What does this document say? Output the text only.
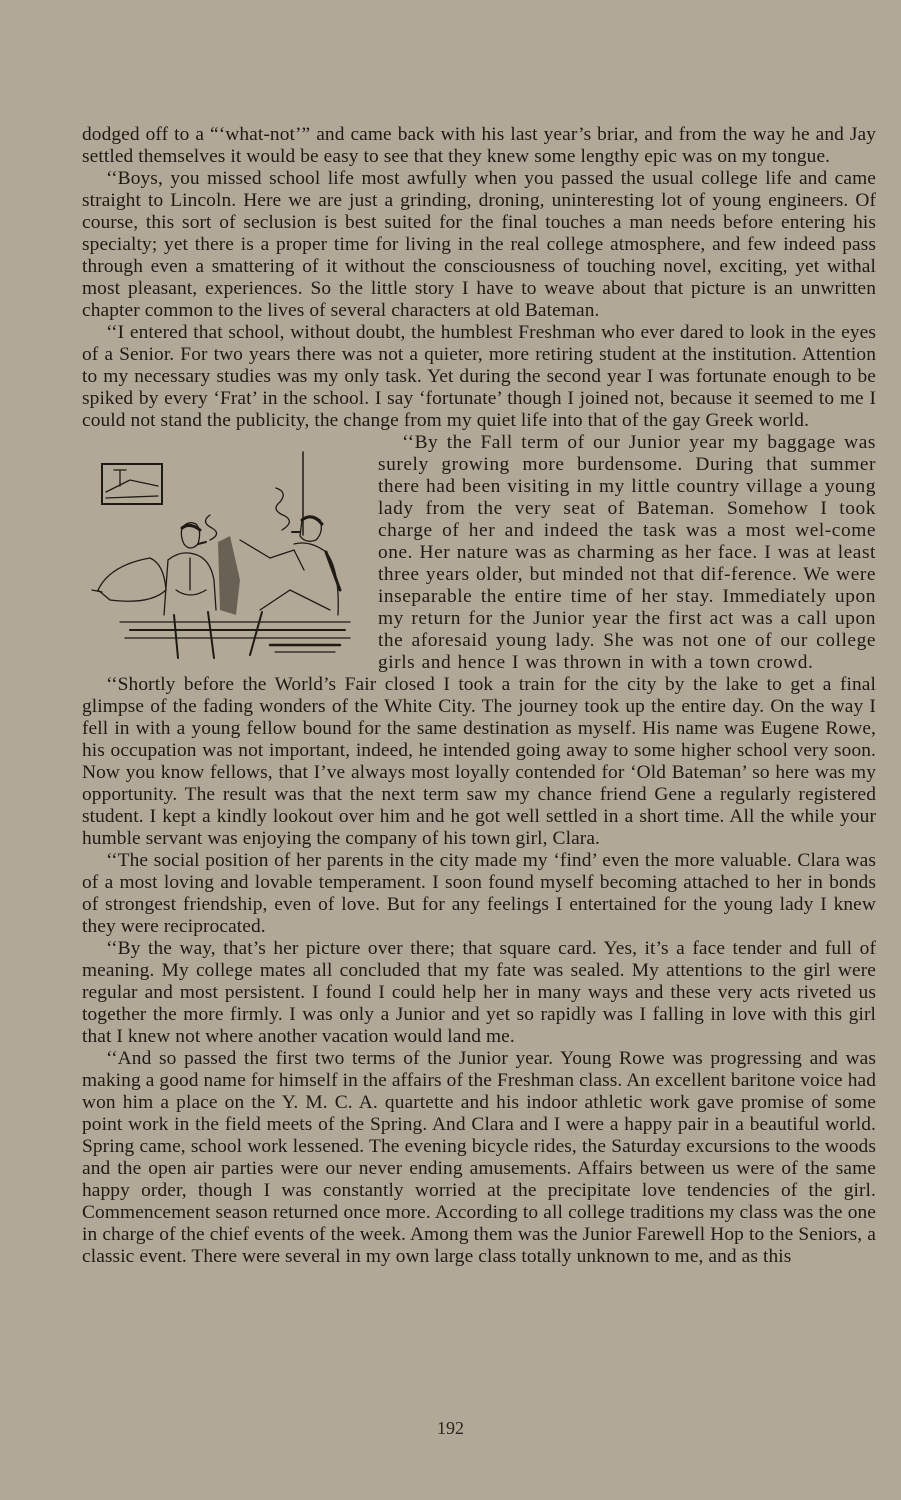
dodged off to a “‘what-not’” and came back with his last year’s briar, and from the way he and Jay settled themselves it would be easy to see that they knew some lengthy epic was on my tongue.

‘‘Boys, you missed school life most awfully when you passed the usual college life and came straight to Lincoln. Here we are just a grinding, droning, uninteresting lot of young engineers. Of course, this sort of seclusion is best suited for the final touches a man needs before entering his specialty; yet there is a proper time for living in the real college atmosphere, and few indeed pass through even a smattering of it without the consciousness of touching novel, exciting, yet withal most pleasant, experiences. So the little story I have to weave about that picture is an unwritten chapter common to the lives of several characters at old Bateman.

‘‘I entered that school, without doubt, the humblest Freshman who ever dared to look in the eyes of a Senior. For two years there was not a quieter, more retiring student at the institution. Attention to my necessary studies was my only task. Yet during the second year I was fortunate enough to be spiked by every ‘Frat’ in the school. I say ‘fortunate’ though I joined not, because it seemed to me I could not stand the publicity, the change from my quiet life into that of the gay Greek world.

‘‘By the Fall term of our Junior year my baggage was surely growing more burdensome. During that summer there had been visiting in my little country village a young lady from the very seat of Bateman. Somehow I took charge of her and indeed the task was a most wel-come one. Her nature was as charming as her face. I was at least three years older, but minded not that dif-ference. We were inseparable the entire time of her stay. Immediately upon my return for the Junior year the first act was a call upon the aforesaid young lady. She was not one of our college girls and hence I was thrown in with a town crowd.

‘‘Shortly before the World’s Fair closed I took a train for the city by the lake to get a final glimpse of the fading wonders of the White City. The journey took up the entire day. On the way I fell in with a young fellow bound for the same destination as myself. His name was Eugene Rowe, his occupation was not important, indeed, he intended going away to some higher school very soon. Now you know fellows, that I’ve always most loyally contended for ‘Old Bateman’ so here was my opportunity. The result was that the next term saw my chance friend Gene a regularly registered student. I kept a kindly lookout over him and he got well settled in a short time. All the while your humble servant was enjoying the company of his town girl, Clara.

‘‘The social position of her parents in the city made my ‘find’ even the more valuable. Clara was of a most loving and lovable temperament. I soon found myself becoming attached to her in bonds of strongest friendship, even of love. But for any feelings I entertained for the young lady I knew they were reciprocated.

‘‘By the way, that’s her picture over there; that square card. Yes, it’s a face tender and full of meaning. My college mates all concluded that my fate was sealed. My attentions to the girl were regular and most persistent. I found I could help her in many ways and these very acts riveted us together the more firmly. I was only a Junior and yet so rapidly was I falling in love with this girl that I knew not where another vacation would land me.

‘‘And so passed the first two terms of the Junior year. Young Rowe was progressing and was making a good name for himself in the affairs of the Freshman class. An excellent baritone voice had won him a place on the Y. M. C. A. quartette and his indoor athletic work gave promise of some point work in the field meets of the Spring. And Clara and I were a happy pair in a beautiful world. Spring came, school work lessened. The evening bicycle rides, the Saturday excursions to the woods and the open air parties were our never ending amusements. Affairs between us were of the same happy order, though I was constantly worried at the precipitate love tendencies of the girl. Commencement season returned once more. According to all college traditions my class was the one in charge of the chief events of the week. Among them was the Junior Farewell Hop to the Seniors, a classic event. There were several in my own large class totally unknown to me, and as this

192
